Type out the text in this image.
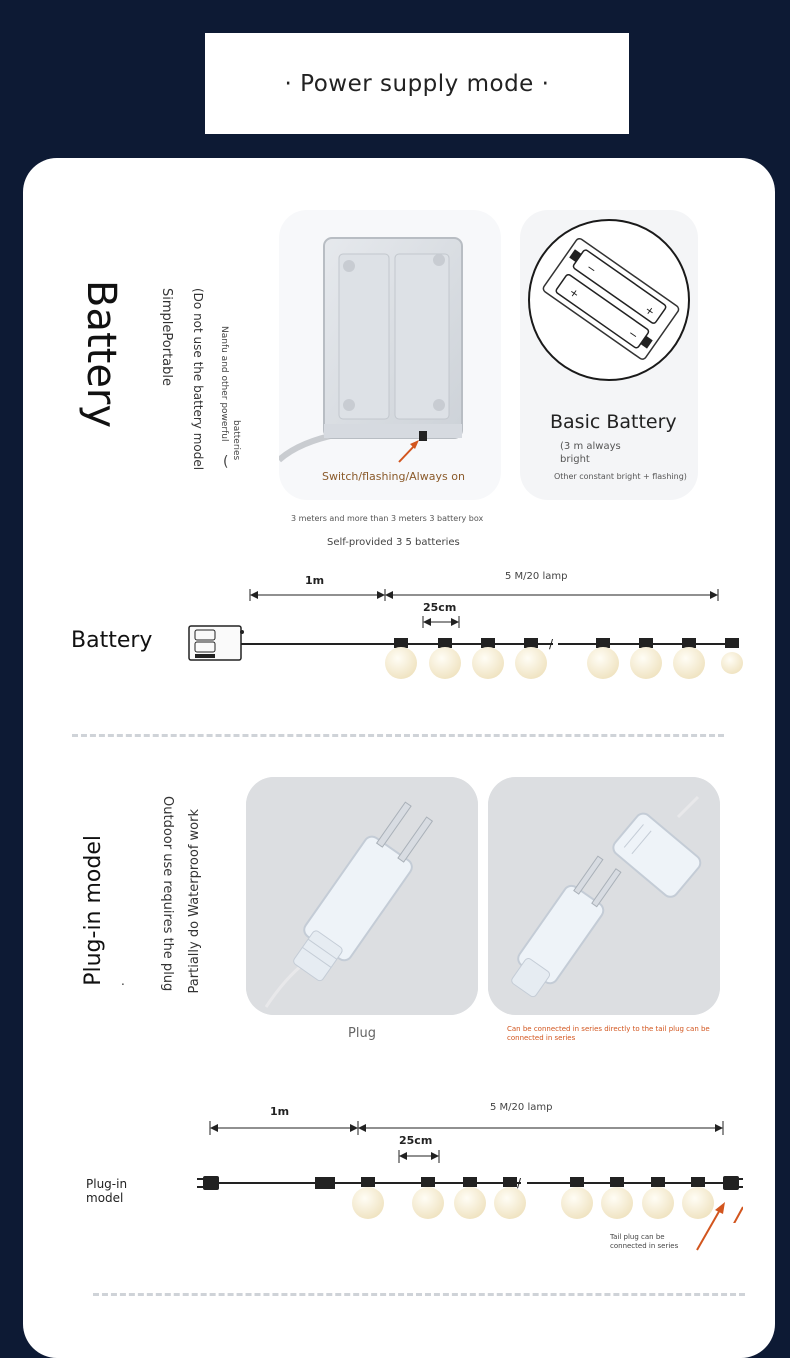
· Power supply mode ·
Battery	SimplePortable (Do not use the battery model Nanfu and other powerful batteries
(
Switch/flashing/Always on
−
+
+
−
Basic Battery
(3 m always
bright
Other constant bright + flashing)
3 meters and more than 3 meters 3 battery box
Self-provided 3 5 batteries
Battery
1m	5 M/20 lamp
25cm
/
Plug-in model .	Outdoor use requires the plug Partially do Waterproof work
Plug	Can be connected in series directly to the tail plug can be connected in series
Plug-in
model
1m	5 M/20 lamp
25cm
/
Tail plug can be
connected in series
